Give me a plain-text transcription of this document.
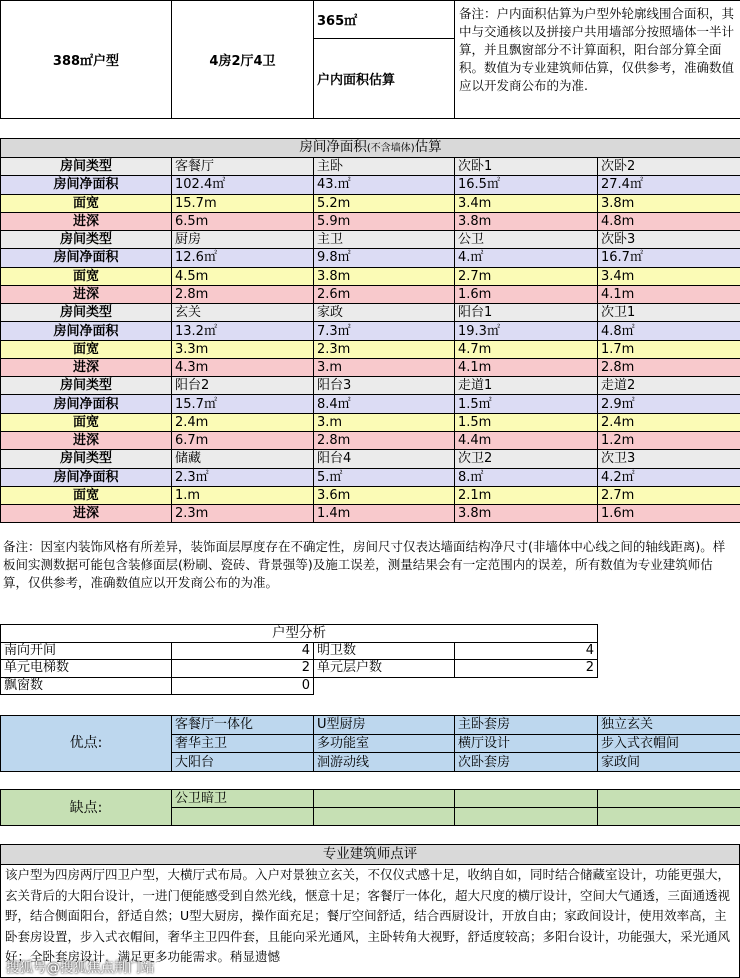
388㎡户型	4房2厅4卫	365㎡	备注：户内面积估算为户型外轮廓线围合面积，其中与交通核以及拼接户共用墙部分按照墙体一半计算，并且飘窗部分不计算面积，阳台部分算全面积。数值为专业建筑师估算，仅供参考，准确数值应以开发商公布的为准.
户内面积估算
房间净面积(不含墙体)估算				
房间类型	客餐厅	主卧	次卧1	次卧2
房间净面积	102.4㎡	43.㎡	16.5㎡	27.4㎡
面宽	15.7m	5.2m	3.4m	3.8m
进深	6.5m	5.9m	3.8m	4.8m
房间类型	厨房	主卫	公卫	次卧3
房间净面积	12.6㎡	9.8㎡	4.㎡	16.7㎡
面宽	4.5m	3.8m	2.7m	3.4m
进深	2.8m	2.6m	1.6m	4.1m
房间类型	玄关	家政	阳台1	次卫1
房间净面积	13.2㎡	7.3㎡	19.3㎡	4.8㎡
面宽	3.3m	2.3m	4.7m	1.7m
进深	4.3m	3.m	4.1m	2.8m
房间类型	阳台2	阳台3	走道1	走道2
房间净面积	15.7㎡	8.4㎡	1.5㎡	2.9㎡
面宽	2.4m	3.m	1.5m	2.4m
进深	6.7m	2.8m	4.4m	1.2m
房间类型	储藏	阳台4	次卫2	次卫3
房间净面积	2.3㎡	5.㎡	8.㎡	4.2㎡
面宽	1.m	3.6m	2.1m	2.7m
进深	2.3m	1.4m	3.8m	1.6m
备注：因室内装饰风格有所差异，装饰面层厚度存在不确定性，房间尺寸仅表达墙面结构净尺寸(非墙体中心线之间的轴线距离)。样板间实测数据可能包含装修面层(粉刷、瓷砖、背景强等)及施工误差，测量结果会有一定范围内的误差，所有数值为专业建筑师估算，仅供参考，准确数值应以开发商公布的为准。
户型分析			
南向开间	4	明卫数	4
单元电梯数	2	单元层户数	2
飘窗数	0		
优点:	客餐厅一体化	U型厨房	主卧套房	独立玄关
	奢华主卫	多功能室	横厅设计	步入式衣帽间
	大阳台	洄游动线	次卧套房	家政间
缺点:	公卫暗卫			

专业建筑师点评
该户型为四房两厅四卫户型，大横厅式布局。入户对景独立玄关，不仅仪式感十足，收纳自如，同时结合储藏室设计，功能更强大，玄关背后的大阳台设计，一进门便能感受到自然光线，惬意十足；客餐厅一体化，超大尺度的横厅设计，空间大气通透，三面通透视野，结合侧面阳台，舒适自然；U型大厨房，操作面充足；餐厅空间舒适，结合西厨设计，开放自由；家政间设计，使用效率高，主卧套房设置，步入式衣帽间，奢华主卫四件套，且能向采光通风，主卧转角大视野，舒适度较高；多阳台设计，功能强大，采光通风好；全卧套房设计，满足更多功能需求。稍显遗憾
搜狐号@搜狐焦点荆门站
